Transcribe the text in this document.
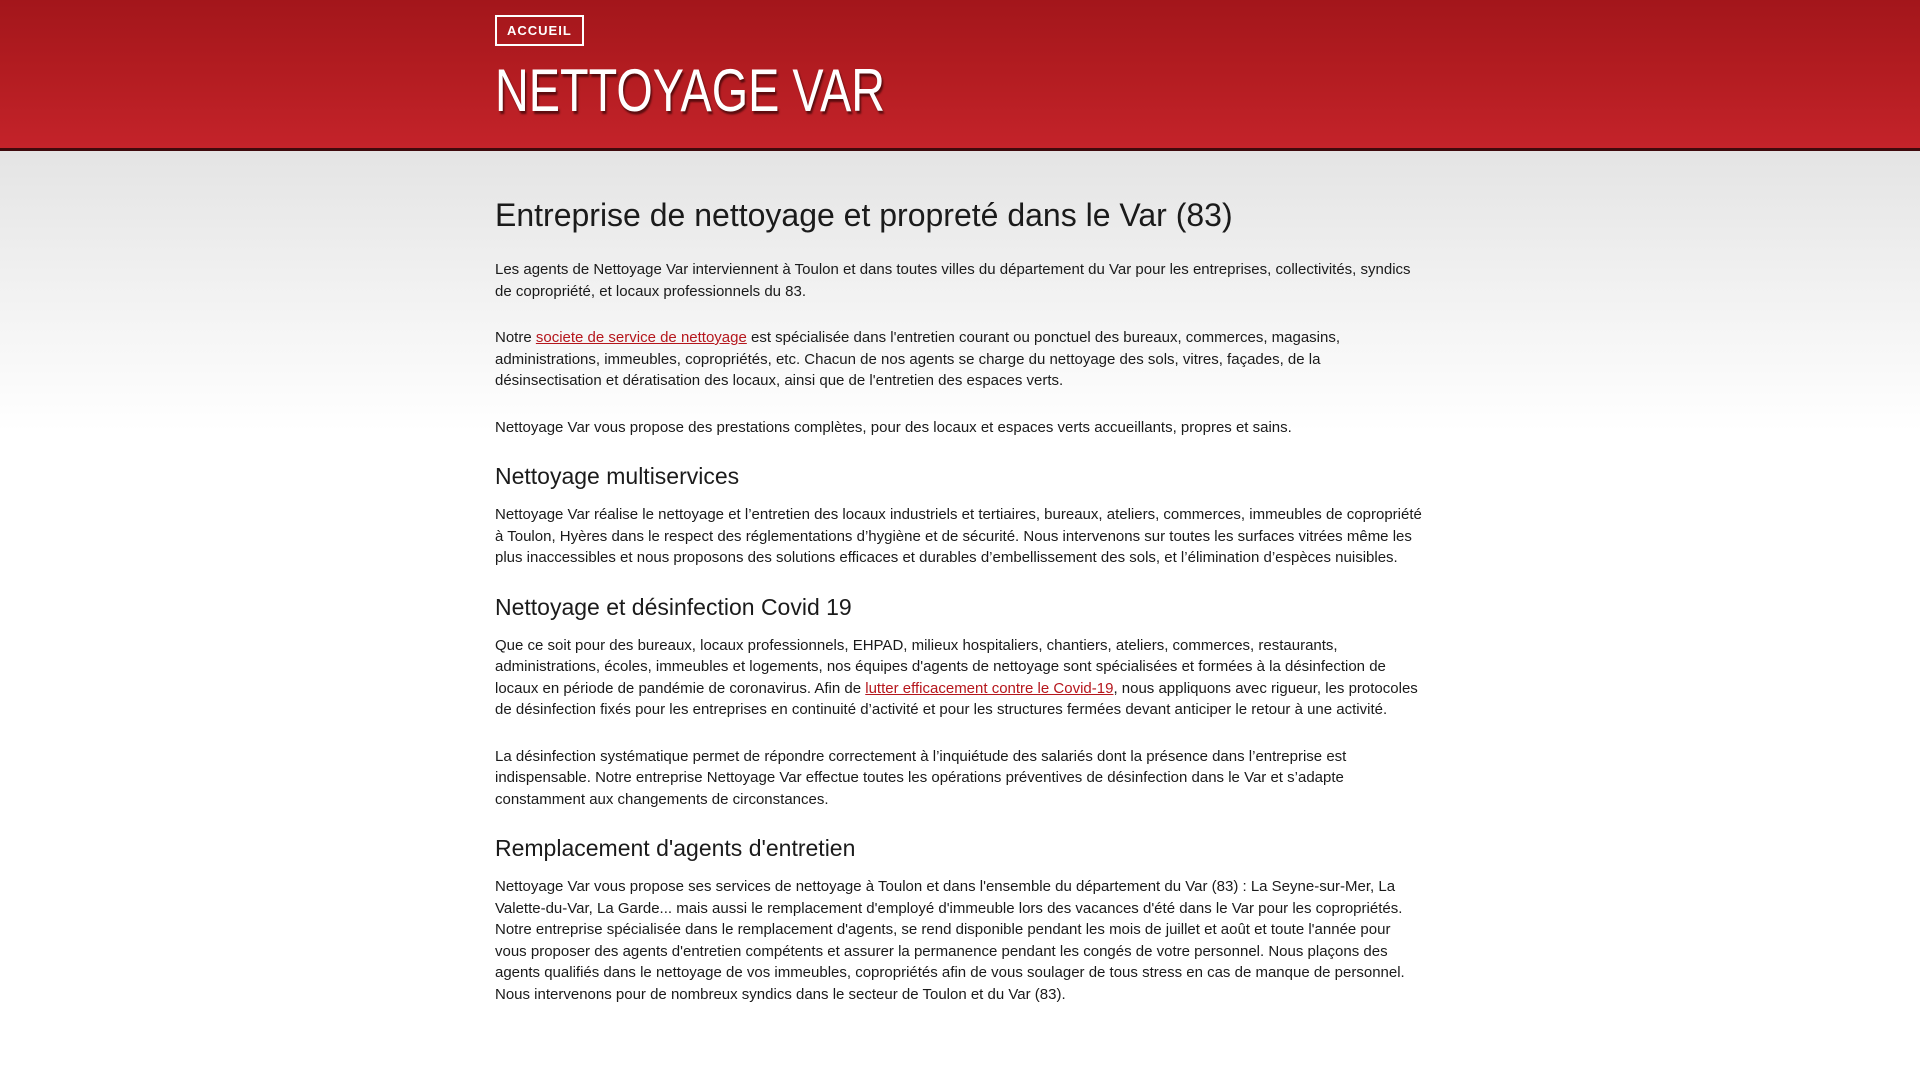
ACCUEIL
NETTOYAGE VAR
Entreprise de nettoyage et propreté dans le Var (83)

Les agents de Nettoyage Var interviennent à Toulon et dans toutes villes du département du Var pour les entreprises, collectivités, syndics de copropriété, et locaux professionnels du 83.

Notre societe de service de nettoyage est spécialisée dans l'entretien courant ou ponctuel des bureaux, commerces, magasins, administrations, immeubles, copropriétés, etc. Chacun de nos agents se charge du nettoyage des sols, vitres, façades, de la désinsectisation et dératisation des locaux, ainsi que de l'entretien des espaces verts.

Nettoyage Var vous propose des prestations complètes, pour des locaux et espaces verts accueillants, propres et sains.

Nettoyage multiservices

Nettoyage Var réalise le nettoyage et l’entretien des locaux industriels et tertiaires, bureaux, ateliers, commerces, immeubles de copropriété à Toulon, Hyères dans le respect des réglementations d’hygiène et de sécurité. Nous intervenons sur toutes les surfaces vitrées même les plus inaccessibles et nous proposons des solutions efficaces et durables d’embellissement des sols, et l’élimination d’espèces nuisibles.

Nettoyage et désinfection Covid 19

Que ce soit pour des bureaux, locaux professionnels, EHPAD, milieux hospitaliers, chantiers, ateliers, commerces, restaurants, administrations, écoles, immeubles et logements, nos équipes d'agents de nettoyage sont spécialisées et formées à la désinfection de locaux en période de pandémie de coronavirus. Afin de lutter efficacement contre le Covid-19, nous appliquons avec rigueur, les protocoles de désinfection fixés pour les entreprises en continuité d’activité et pour les structures fermées devant anticiper le retour à une activité.

La désinfection systématique permet de répondre correctement à l’inquiétude des salariés dont la présence dans l’entreprise est indispensable. Notre entreprise Nettoyage Var effectue toutes les opérations préventives de désinfection dans le Var et s’adapte constamment aux changements de circonstances.

Remplacement d'agents d'entretien

Nettoyage Var vous propose ses services de nettoyage à Toulon et dans l'ensemble du département du Var (83) : La Seyne-sur-Mer, La Valette-du-Var, La Garde... mais aussi le remplacement d'employé d'immeuble lors des vacances d'été dans le Var pour les copropriétés. Notre entreprise spécialisée dans le remplacement d'agents, se rend disponible pendant les mois de juillet et août et toute l'année pour vous proposer des agents d'entretien compétents et assurer la permanence pendant les congés de votre personnel. Nous plaçons des agents qualifiés dans le nettoyage de vos immeubles, copropriétés afin de vous soulager de tous stress en cas de manque de personnel. Nous intervenons pour de nombreux syndics dans le secteur de Toulon et du Var (83).
